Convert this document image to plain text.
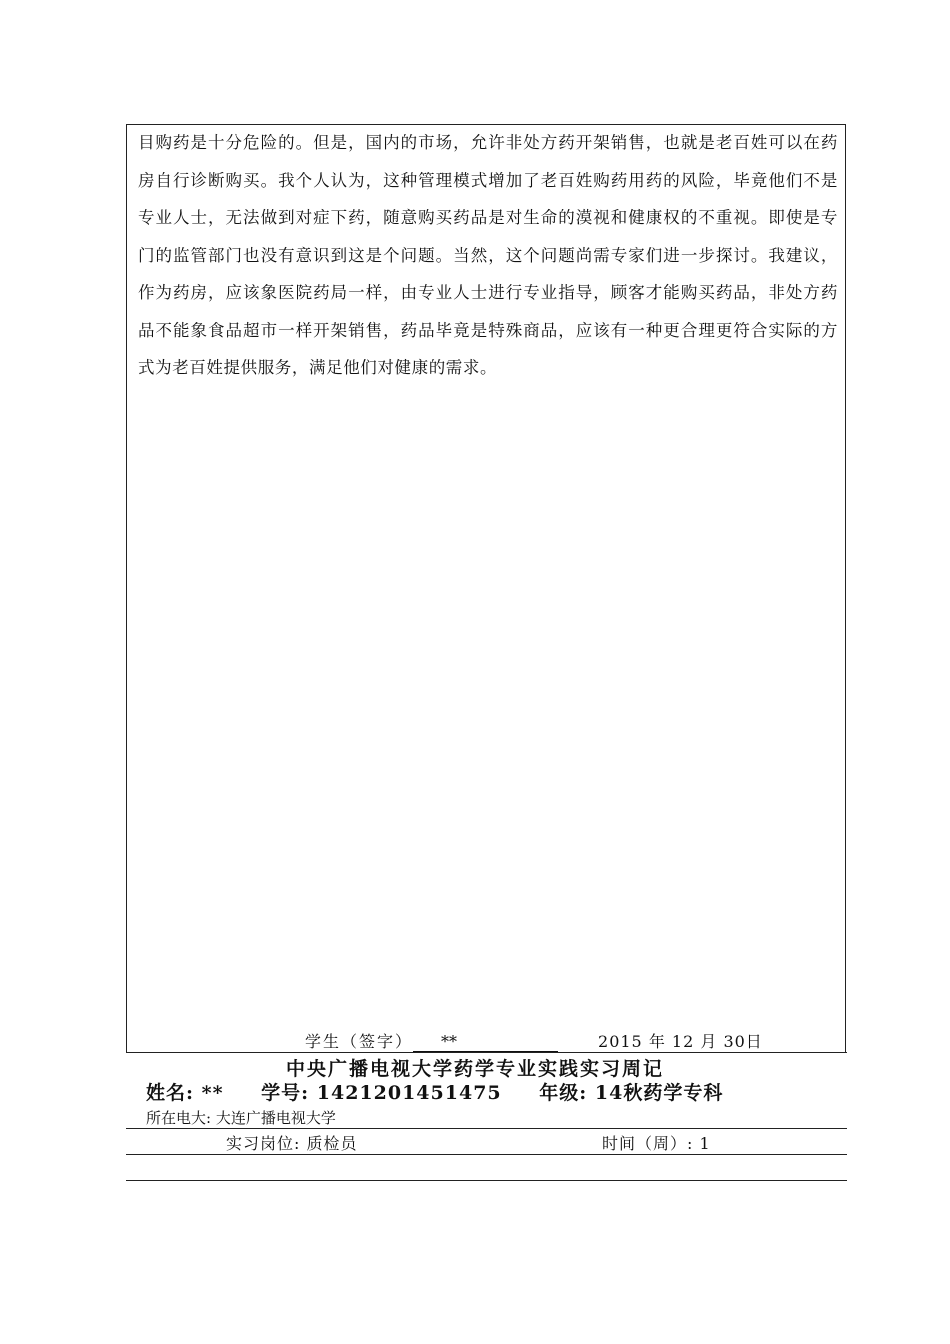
目购药是十分危险的。但是，国内的市场，允许非处方药开架销售，也就是老百姓可以在药房自行诊断购买。我个人认为，这种管理模式增加了老百姓购药用药的风险，毕竟他们不是专业人士，无法做到对症下药，随意购买药品是对生命的漠视和健康权的不重视。即使是专门的监管部门也没有意识到这是个问题。当然，这个问题尚需专家们进一步探讨。我建议，作为药房，应该象医院药局一样，由专业人士进行专业指导，顾客才能购买药品，非处方药品不能象食品超市一样开架销售，药品毕竟是特殊商品，应该有一种更合理更符合实际的方式为老百姓提供服务，满足他们对健康的需求。
学生（签字） **	2015 年 12 月 30日
中央广播电视大学药学专业实践实习周记
姓名: ** 学号: 1421201451475 年级: 14秋药学专科
所在电大: 大连广播电视大学
实习岗位: 质检员	时间（周）: 1
